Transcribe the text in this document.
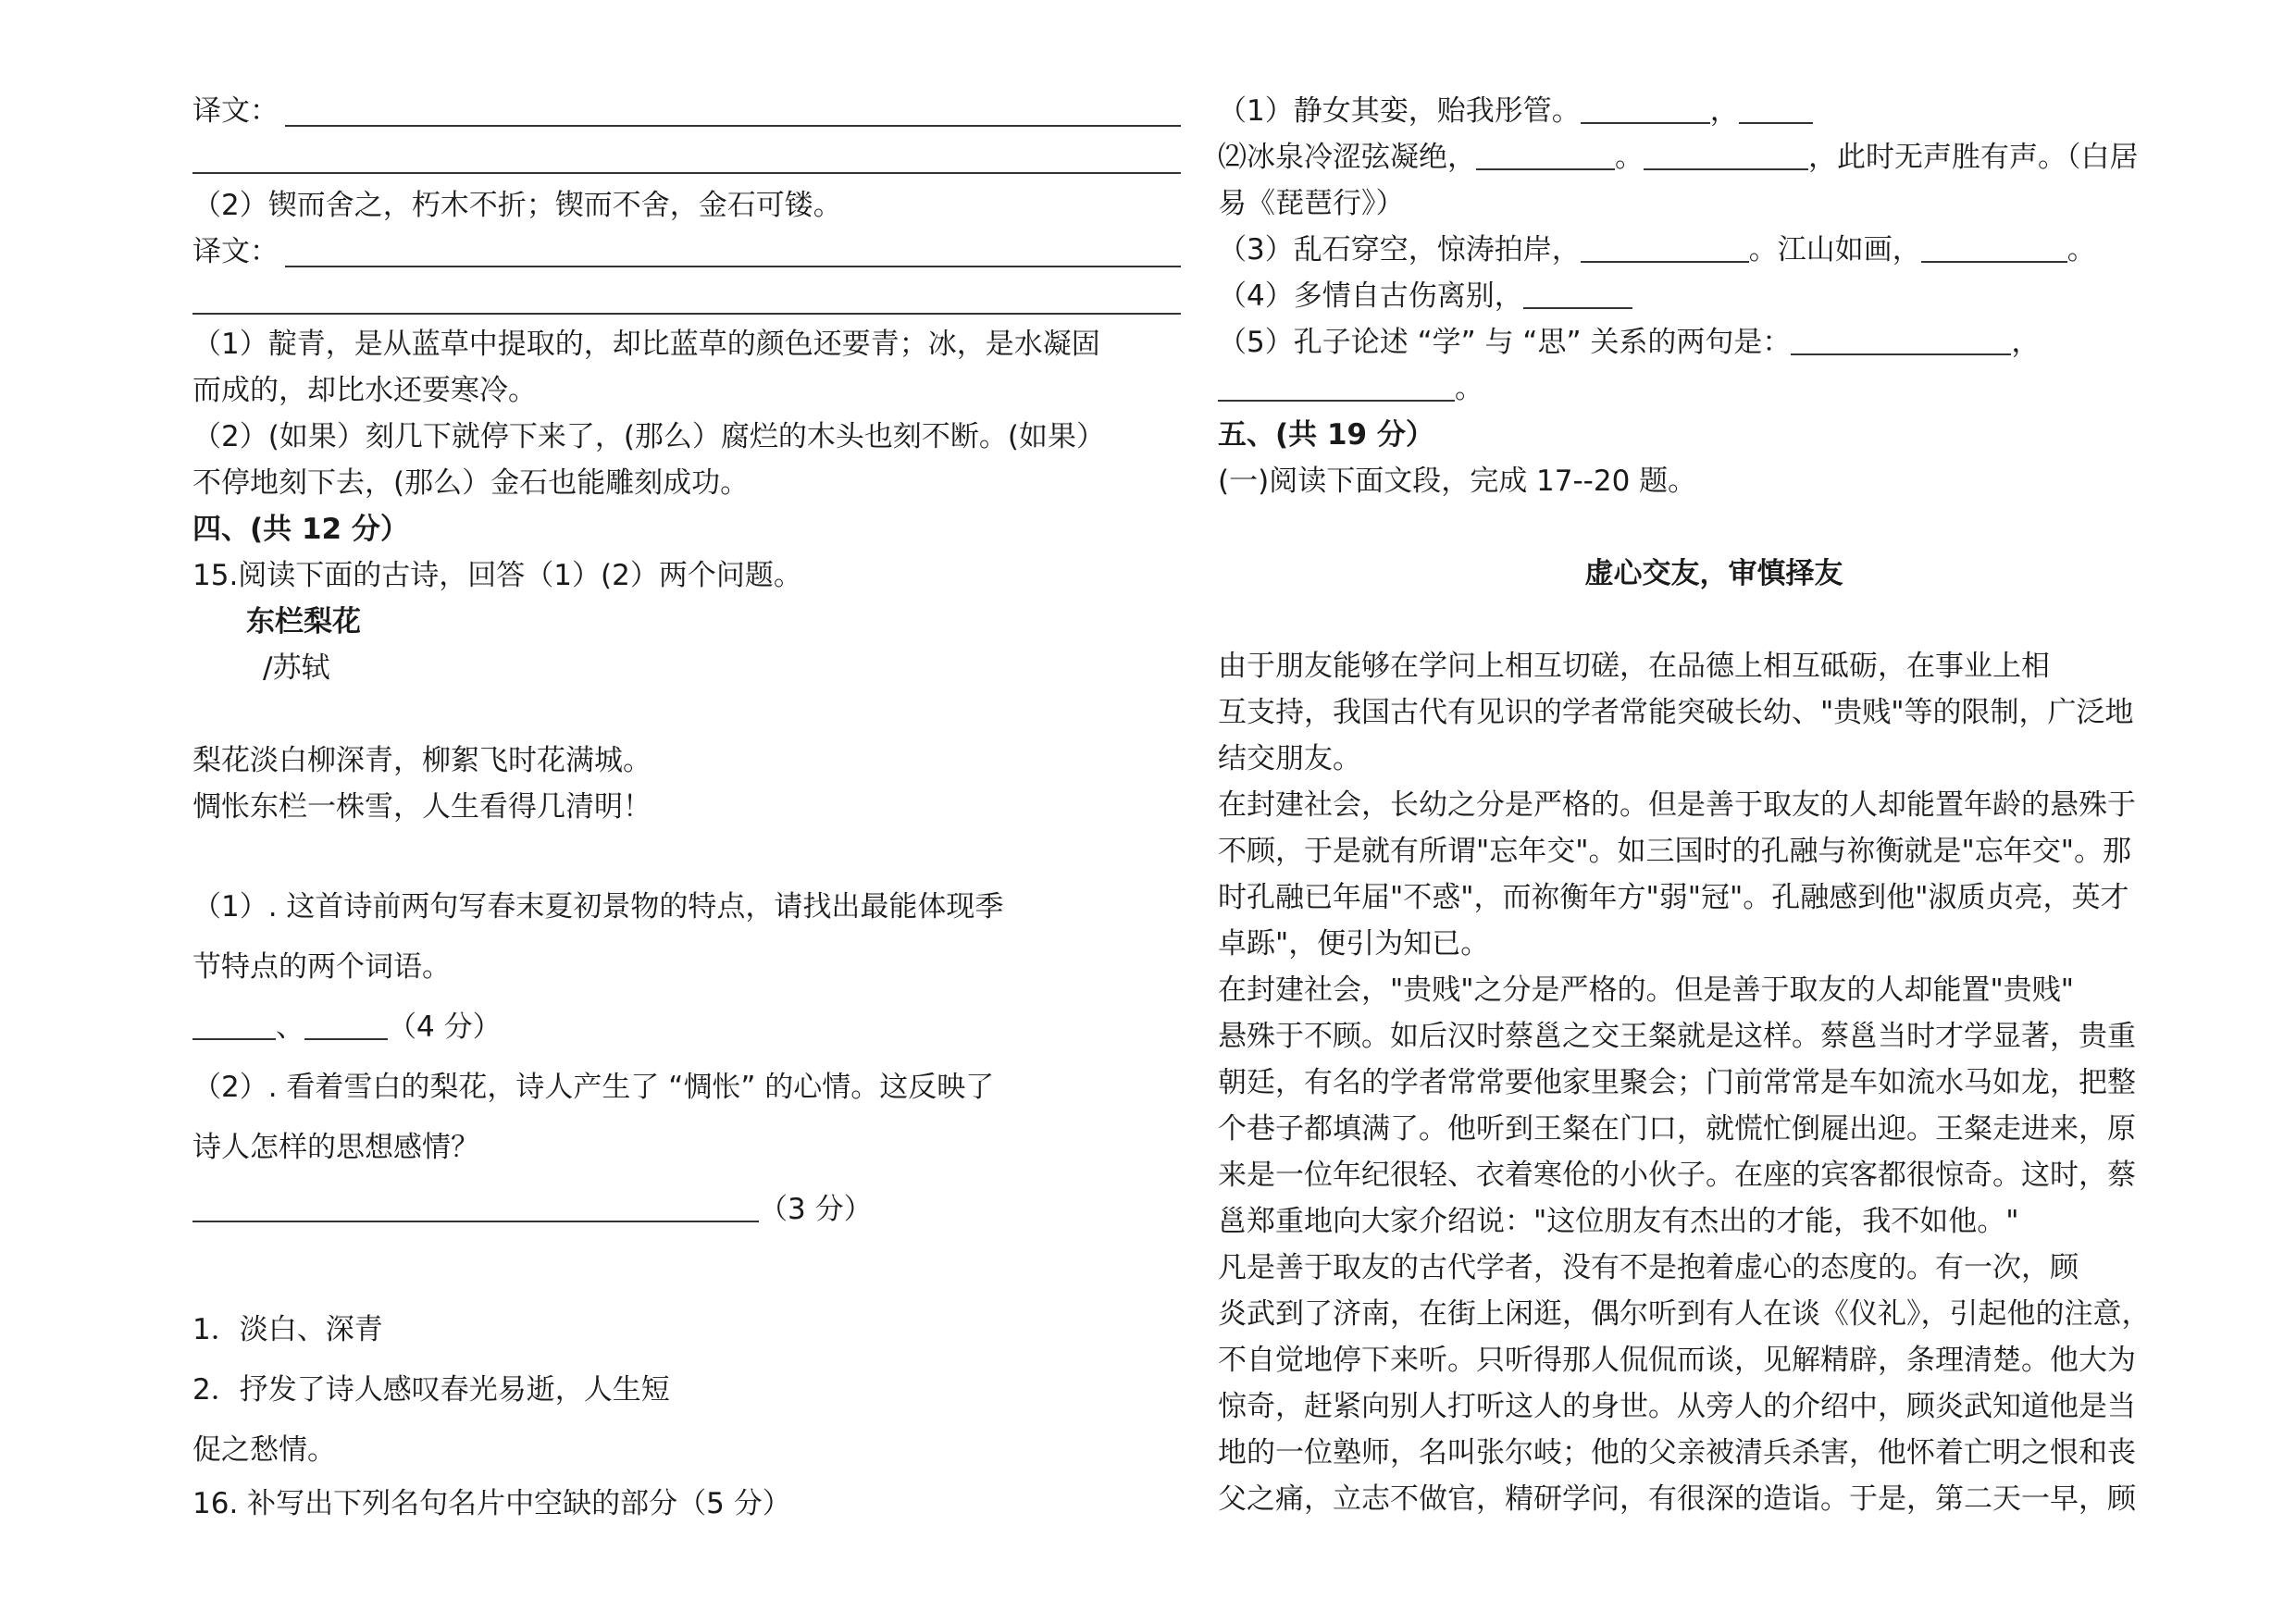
译文：
（2）锲而舍之，朽木不折；锲而不舍，金石可镂。
译文：
（1）靛青，是从蓝草中提取的，却比蓝草的颜色还要青；冰，是水凝固
而成的，却比水还要寒冷。
（2）(如果）刻几下就停下来了，(那么）腐烂的木头也刻不断。(如果）
不停地刻下去，(那么）金石也能雕刻成功。
四、(共 12 分）
15.阅读下面的古诗，回答（1）(2）两个问题。
东栏梨花
/苏轼
梨花淡白柳深青，柳絮飞时花满城。
惆怅东栏一株雪，人生看得几清明！
（1）. 这首诗前两句写春末夏初景物的特点，请找出最能体现季
节特点的两个词语。
、	（4 分）
（2）. 看着雪白的梨花，诗人产生了 “惆怅” 的心情。这反映了
诗人怎样的思想感情？
（3 分）
1．淡白、深青
2．抒发了诗人感叹春光易逝，人生短
促之愁情。
16. 补写出下列名句名片中空缺的部分（5 分）
（1）静女其娈，贻我彤管。	，
⑵冰泉冷涩弦凝绝，	。	，此时无声胜有声。（白居
易《琵琶行》）
（3）乱石穿空，惊涛拍岸，	。江山如画，	。
（4）多情自古伤离别，
（5）孔子论述 “学” 与 “思” 关系的两句是：	，
。
五、(共 19 分）
(一)阅读下面文段，完成 17--20 题。
虚心交友，审慎择友
由于朋友能够在学问上相互切磋，在品德上相互砥砺，在事业上相
互支持，我国古代有见识的学者常能突破长幼、"贵贱"等的限制，广泛地
结交朋友。
在封建社会，长幼之分是严格的。但是善于取友的人却能置年龄的悬殊于
不顾，于是就有所谓"忘年交"。如三国时的孔融与祢衡就是"忘年交"。那
时孔融已年届"不惑"，而祢衡年方"弱"冠"。孔融感到他"淑质贞亮，英才
卓跞"，便引为知已。
在封建社会，"贵贱"之分是严格的。但是善于取友的人却能置"贵贱"
悬殊于不顾。如后汉时蔡邕之交王粲就是这样。蔡邕当时才学显著，贵重
朝廷，有名的学者常常要他家里聚会；门前常常是车如流水马如龙，把整
个巷子都填满了。他听到王粲在门口，就慌忙倒屣出迎。王粲走进来，原
来是一位年纪很轻、衣着寒伧的小伙子。在座的宾客都很惊奇。这时，蔡
邕郑重地向大家介绍说："这位朋友有杰出的才能，我不如他。"
凡是善于取友的古代学者，没有不是抱着虚心的态度的。有一次，顾
炎武到了济南，在街上闲逛，偶尔听到有人在谈《仪礼》，引起他的注意，
不自觉地停下来听。只听得那人侃侃而谈，见解精辟，条理清楚。他大为
惊奇，赶紧向别人打听这人的身世。从旁人的介绍中，顾炎武知道他是当
地的一位塾师，名叫张尔岐；他的父亲被清兵杀害，他怀着亡明之恨和丧
父之痛，立志不做官，精研学问，有很深的造诣。于是，第二天一早，顾
